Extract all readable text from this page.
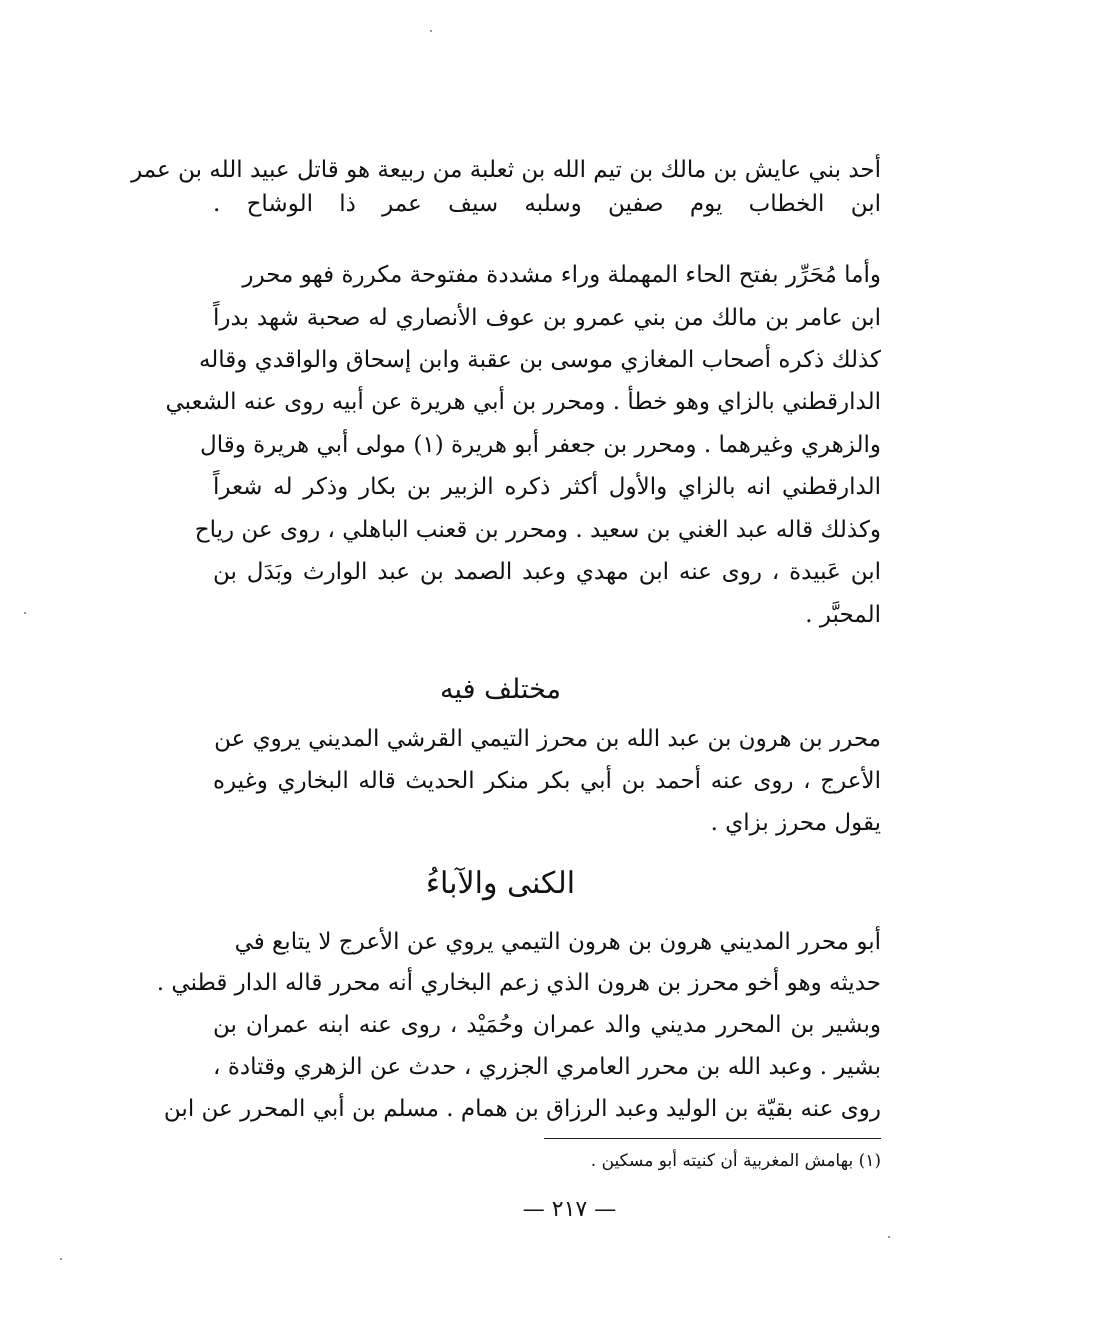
أحد بني عايش بن مالك بن تيم الله بن ثعلبة من ربيعة هو قاتل عبيد الله بن عمر
ابن الخطاب يوم صفين وسلبه سيف عمر ذا الوشاح .
وأما مُحَرِّر بفتح الحاء المهملة وراء مشددة مفتوحة مكررة فهو محرر
ابن عامر بن مالك من بني عمرو بن عوف الأنصاري له صحبة شهد بدراً
كذلك ذكره أصحاب المغازي موسى بن عقبة وابن إسحاق والواقدي وقاله
الدارقطني بالزاي وهو خطأ . ومحرر بن أبي هريرة عن أبيه روى عنه الشعبي
والزهري وغيرهما . ومحرر بن جعفر أبو هريرة (١) مولى أبي هريرة وقال
الدارقطني انه بالزاي والأول أكثر ذكره الزبير بن بكار وذكر له شعراً
وكذلك قاله عبد الغني بن سعيد . ومحرر بن قعنب الباهلي ، روى عن رياح
ابن عَبيدة ، روى عنه ابن مهدي وعبد الصمد بن عبد الوارث وبَدَل بن
المحبَّر .
مختلف فيه
محرر بن هرون بن عبد الله بن محرز التيمي القرشي المديني يروي عن
الأعرج ، روى عنه أحمد بن أبي بكر منكر الحديث قاله البخاري وغيره
يقول محرز بزاي .
الكنى والآباءُ
أبو محرر المديني هرون بن هرون التيمي يروي عن الأعرج لا يتابع في
حديثه وهو أخو محرز بن هرون الذي زعم البخاري أنه محرر قاله الدار قطني .
وبشير بن المحرر مديني والد عمران وحُمَيْد ، روى عنه ابنه عمران بن
بشير . وعبد الله بن محرر العامري الجزري ، حدث عن الزهري وقتادة ،
روى عنه بقيّة بن الوليد وعبد الرزاق بن همام . مسلم بن أبي المحرر عن ابن
(١) بهامش المغربية أن كنيته أبو مسكين .
— ٢١٧ —
